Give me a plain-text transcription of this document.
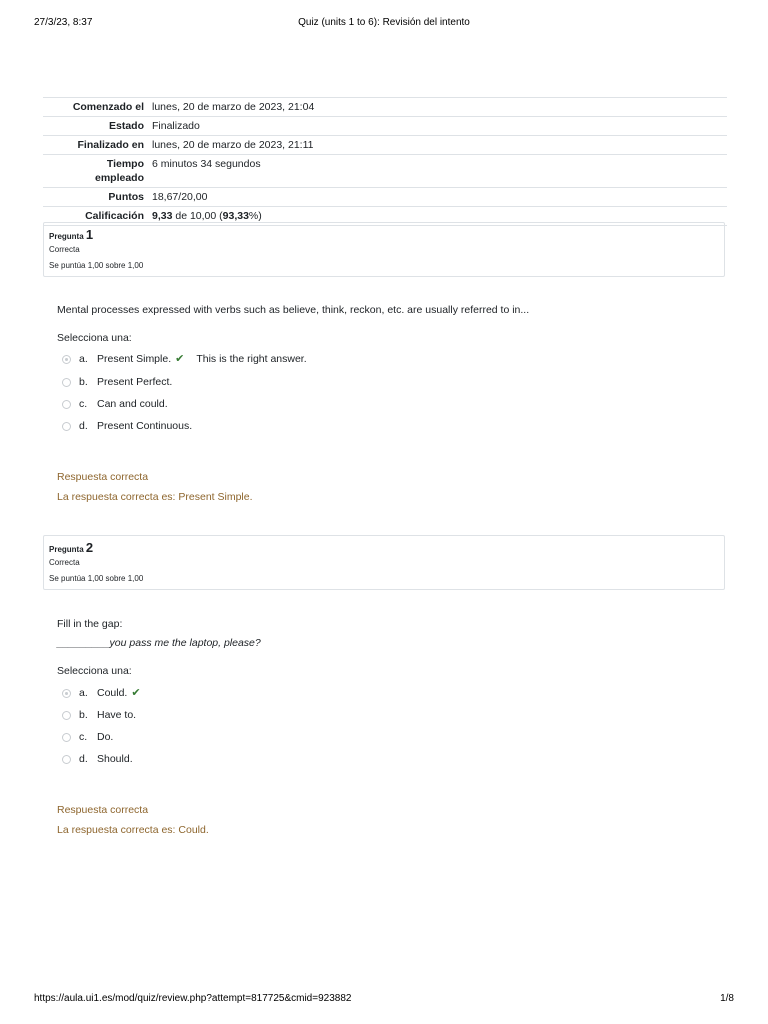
27/3/23, 8:37	Quiz (units 1 to 6): Revisión del intento
Comenzado el	lunes, 20 de marzo de 2023, 21:04
Estado	Finalizado
Finalizado en	lunes, 20 de marzo de 2023, 21:11
Tiempo
empleado	6 minutos 34 segundos
Puntos	18,67/20,00
Calificación	9,33 de 10,00 (93,33%)
Pregunta 1
Correcta
Se puntúa 1,00 sobre 1,00
Mental processes expressed with verbs such as believe, think, reckon, etc. are usually referred to in...
Selecciona una:
a. Present Simple. ✔ This is the right answer.
b. Present Perfect.
c. Can and could.
d. Present Continuous.
Respuesta correcta
La respuesta correcta es: Present Simple.
Pregunta 2
Correcta
Se puntúa 1,00 sobre 1,00
Fill in the gap:
_________you pass me the laptop, please?
Selecciona una:
a. Could. ✔
b. Have to.
c. Do.
d. Should.
Respuesta correcta
La respuesta correcta es: Could.
https://aula.ui1.es/mod/quiz/review.php?attempt=817725&cmid=923882	1/8
